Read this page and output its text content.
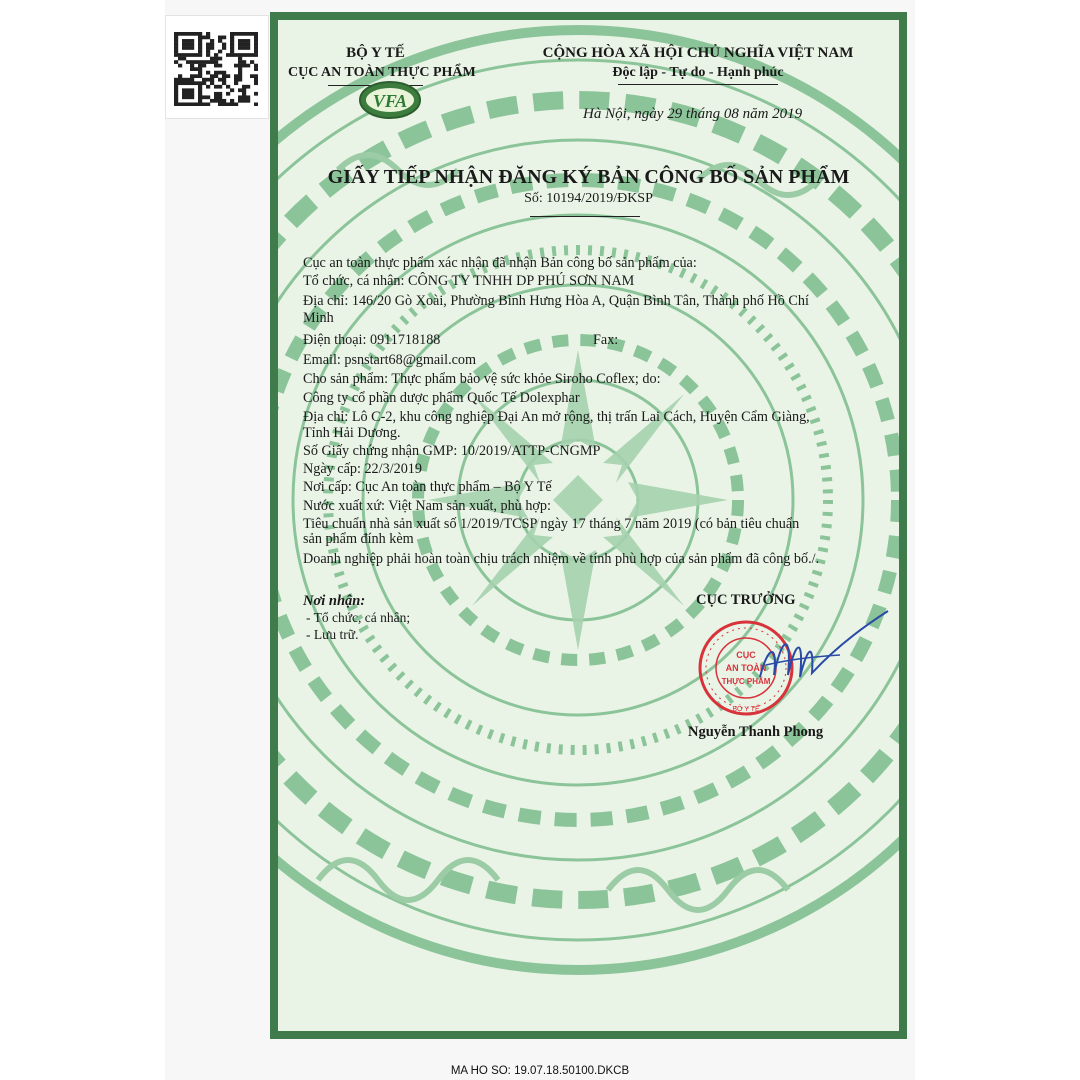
BỘ Y TẾ
CỤC AN TOÀN THỰC PHẨM
VFA
CỘNG HÒA XÃ HỘI CHỦ NGHĨA VIỆT NAM
Độc lập - Tự do - Hạnh phúc
Hà Nội, ngày 29 tháng 08 năm 2019
GIẤY TIẾP NHẬN ĐĂNG KÝ BẢN CÔNG BỐ SẢN PHẨM
Số: 10194/2019/ĐKSP
Cục an toàn thực phẩm xác nhận đã nhận Bản công bố sản phẩm của:
Tổ chức, cá nhân: CÔNG TY TNHH DP PHÚ SƠN NAM
Địa chỉ: 146/20 Gò Xoài, Phường Bình Hưng Hòa A, Quận Bình Tân, Thành phố Hồ Chí
Minh
Điện thoại: 0911718188	Fax:
Email: psnstart68@gmail.com
Cho sản phẩm: Thực phẩm bảo vệ sức khỏe Siroho Coflex; do:
Công ty cổ phần dược phẩm Quốc Tế Dolexphar
Địa chỉ: Lô C-2, khu công nghiệp Đại An mở rộng, thị trấn Lai Cách, Huyện Cẩm Giàng,
Tỉnh Hải Dương.
Số Giấy chứng nhận GMP: 10/2019/ATTP-CNGMP
Ngày cấp: 22/3/2019
Nơi cấp: Cục An toàn thực phẩm – Bộ Y Tế
Nước xuất xứ: Việt Nam sản xuất, phù hợp:
Tiêu chuẩn nhà sản xuất số 1/2019/TCSP ngày 17 tháng 7 năm 2019 (có bản tiêu chuẩn
sản phẩm đính kèm
Doanh nghiệp phải hoàn toàn chịu trách nhiệm về tính phù hợp của sản phẩm đã công bố./.
Nơi nhận:
- Tổ chức, cá nhân;
- Lưu trữ.
CỤC TRƯỞNG
CỤC
AN TOÀN
THỰC PHẨM
BỘ Y TẾ
Nguyễn Thanh Phong
MA HO SO: 19.07.18.50100.DKCB
